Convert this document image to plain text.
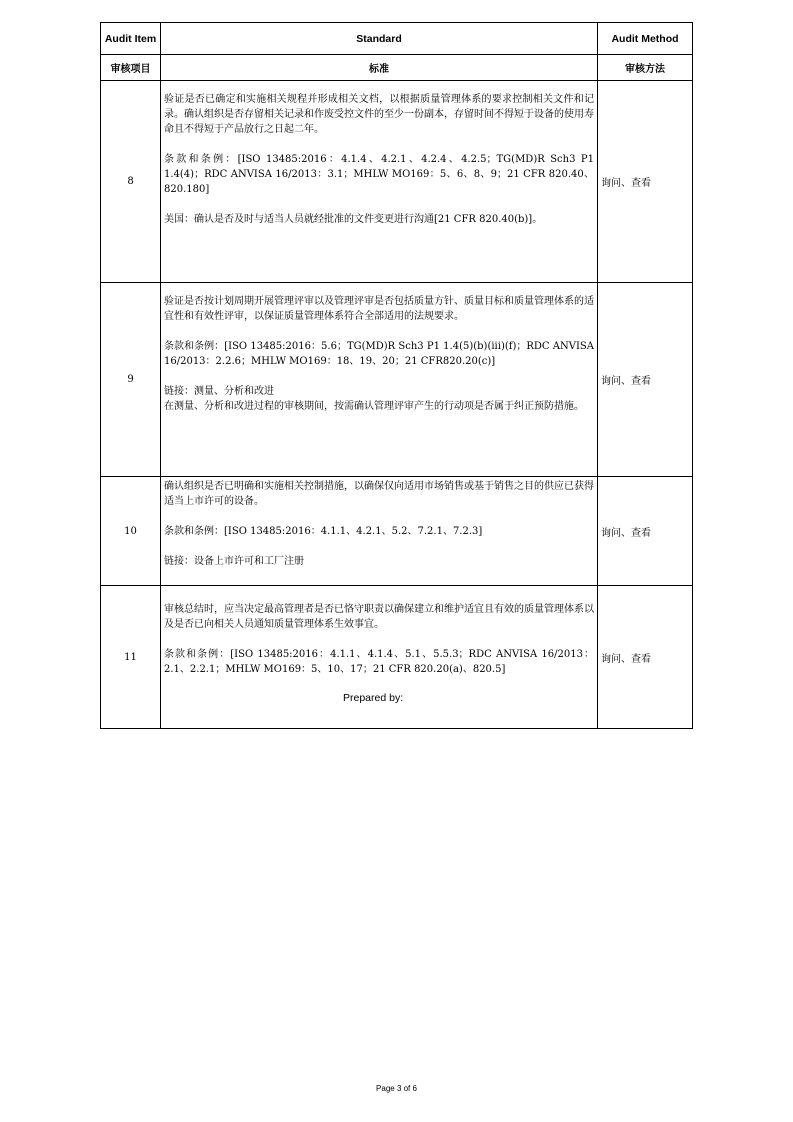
Audit Item	Standard	Audit Method
审核项目	标准	审核方法
8	验证是否已确定和实施相关规程并形成相关文档，以根据质量管理体系的要求控制相关文件和记录。确认组织是否存留相关记录和作废受控文件的至少一份副本，存留时间不得短于设备的使用寿命且不得短于产品放行之日起二年。

条款和条例：[ISO 13485:2016：4.1.4、4.2.1、4.2.4、4.2.5；TG(MD)R Sch3 P1 1.4(4)；RDC ANVISA 16/2013：3.1；MHLW MO169：5、6、8、9；21 CFR 820.40、820.180]

美国：确认是否及时与适当人员就经批准的文件变更进行沟通[21 CFR 820.40(b)]。	询问、查看
9	验证是否按计划周期开展管理评审以及管理评审是否包括质量方针、质量目标和质量管理体系的适宜性和有效性评审，以保证质量管理体系符合全部适用的法规要求。

条款和条例：[ISO 13485:2016：5.6；TG(MD)R Sch3 P1 1.4(5)(b)(iii)(f)；RDC ANVISA 16/2013：2.2.6；MHLW MO169：18、19、20；21 CFR820.20(c)]

链接：测量、分析和改进
在测量、分析和改进过程的审核期间，按需确认管理评审产生的行动项是否属于纠正预防措施。	询问、查看
10	确认组织是否已明确和实施相关控制措施，以确保仅向适用市场销售或基于销售之目的供应已获得适当上市许可的设备。

条款和条例：[ISO 13485:2016：4.1.1、4.2.1、5.2、7.2.1、7.2.3]

链接：设备上市许可和工厂注册	询问、查看
11	审核总结时，应当决定最高管理者是否已恪守职责以确保建立和维护适宜且有效的质量管理体系以及是否已向相关人员通知质量管理体系生效事宜。

条款和条例：[ISO 13485:2016：4.1.1、4.1.4、5.1、5.5.3；RDC ANVISA 16/2013：2.1、2.2.1；MHLW MO169：5、10、17；21 CFR 820.20(a)、820.5]	询问、查看
Prepared by:
Page 3 of 6
